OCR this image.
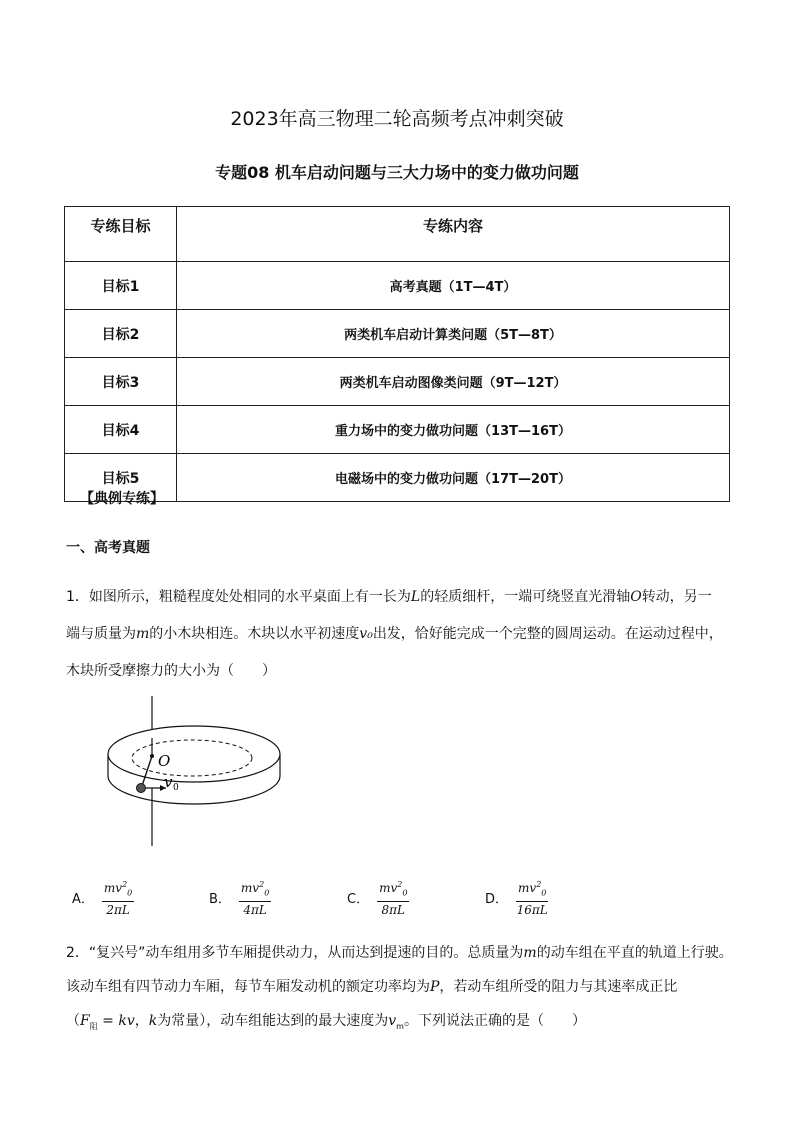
2023年高三物理二轮高频考点冲刺突破
专题08 机车启动问题与三大力场中的变力做功问题
专练目标	专练内容
目标1	高考真题（1T—4T）
目标2	两类机车启动计算类问题（5T—8T）
目标3	两类机车启动图像类问题（9T—12T）
目标4	重力场中的变力做功问题（13T—16T）
目标5	电磁场中的变力做功问题（17T—20T）
【典例专练】
一、高考真题
1．如图所示，粗糙程度处处相同的水平桌面上有一长为L的轻质细杆，一端可绕竖直光滑轴O转动，另一
端与质量为m的小木块相连。木块以水平初速度v₀出发，恰好能完成一个完整的圆周运动。在运动过程中，
木块所受摩擦力的大小为（　　）
O
v 0
A． $\frac{mv^2_0}{2\pi L}$	B． $\frac{mv^2_0}{4\pi L}$	C． $\frac{mv^2_0}{8\pi L}$	D． $\frac{mv^2_0}{16\pi L}$
2．“复兴号”动车组用多节车厢提供动力，从而达到提速的目的。总质量为m的动车组在平直的轨道上行驶。
该动车组有四节动力车厢，每节车厢发动机的额定功率均为P，若动车组所受的阻力与其速率成正比
（$F_阻$ = kv，k为常量），动车组能达到的最大速度为$v_m$。下列说法正确的是（　　）
